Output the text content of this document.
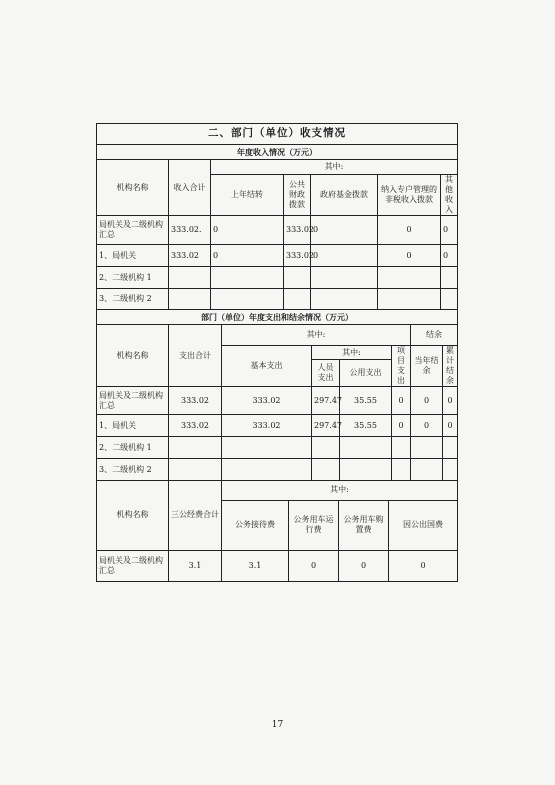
二、部门（单位）收支情况						
年度收入情况（万元）						
机构名称	收入合计	其中:				
		上年结转	公共财政拨款	政府基金拨款	纳入专户管理的非税收入拨款	其他收入
局机关及二级机构汇总	333.02.	0	333.02	0	0	0
1、局机关	333.02	0	333.02	0	0	0
2、二级机构 1						
3、二级机构 2						
部门（单位）年度支出和结余情况（万元）							
机构名称	支出合计	其中:				结余	
		基本支出	其中:		项目支出	当年结余	累计结余
			人员支出	公用支出			
局机关及二级机构汇总	333.02	333.02	297.47	35.55	0	0	0
1、局机关	333.02	333.02	297.47	35.55	0	0	0
2、二级机构 1							
3、二级机构 2							
机构名称	三公经费合计	其中:			
		公务接待费	公务用车运行费	公务用车购置费	因公出国费
局机关及二级机构汇总	3.1	3.1	0	0	0
17
